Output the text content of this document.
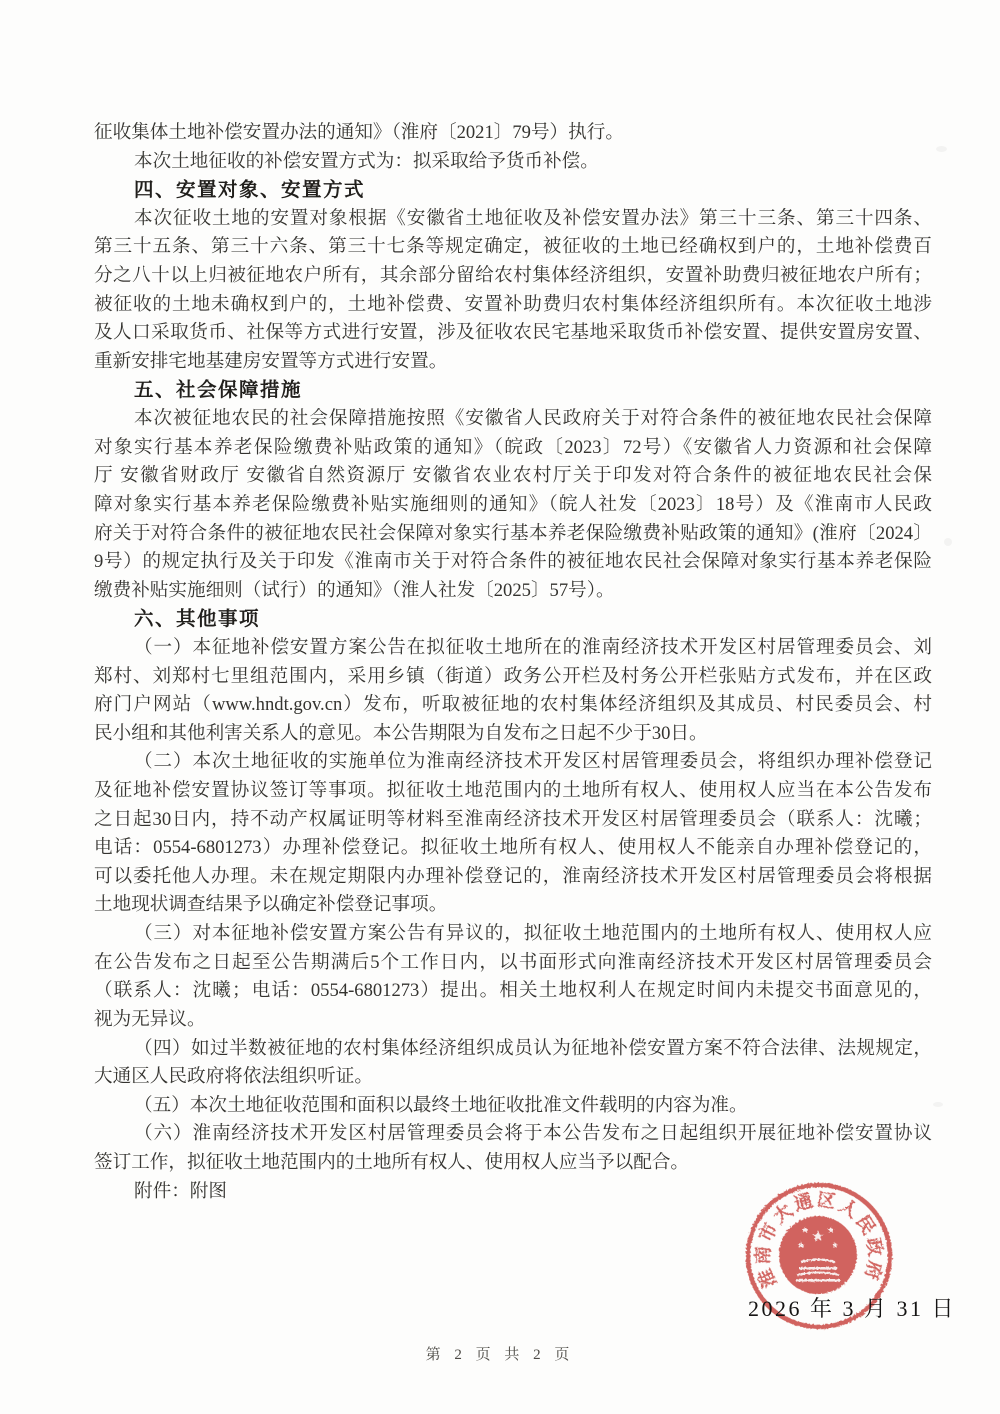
征收集体土地补偿安置办法的通知》（淮府〔2021〕79号）执行。
本次土地征收的补偿安置方式为：拟采取给予货币补偿。
四、安置对象、安置方式
本次征收土地的安置对象根据《安徽省土地征收及补偿安置办法》第三十三条、第三十四条、
第三十五条、第三十六条、第三十七条等规定确定，被征收的土地已经确权到户的，土地补偿费百
分之八十以上归被征地农户所有，其余部分留给农村集体经济组织，安置补助费归被征地农户所有；
被征收的土地未确权到户的，土地补偿费、安置补助费归农村集体经济组织所有。本次征收土地涉
及人口采取货币、社保等方式进行安置，涉及征收农民宅基地采取货币补偿安置、提供安置房安置、
重新安排宅地基建房安置等方式进行安置。
五、社会保障措施
本次被征地农民的社会保障措施按照《安徽省人民政府关于对符合条件的被征地农民社会保障
对象实行基本养老保险缴费补贴政策的通知》（皖政〔2023〕72号）《安徽省人力资源和社会保障
厅 安徽省财政厅 安徽省自然资源厅 安徽省农业农村厅关于印发对符合条件的被征地农民社会保
障对象实行基本养老保险缴费补贴实施细则的通知》（皖人社发〔2023〕18号）及《淮南市人民政
府关于对符合条件的被征地农民社会保障对象实行基本养老保险缴费补贴政策的通知》(淮府〔2024〕
9号）的规定执行及关于印发《淮南市关于对符合条件的被征地农民社会保障对象实行基本养老保险
缴费补贴实施细则（试行）的通知》（淮人社发〔2025〕57号）。
六、其他事项
（一）本征地补偿安置方案公告在拟征收土地所在的淮南经济技术开发区村居管理委员会、刘
郑村、刘郑村七里组范围内，采用乡镇（街道）政务公开栏及村务公开栏张贴方式发布，并在区政
府门户网站（www.hndt.gov.cn）发布，听取被征地的农村集体经济组织及其成员、村民委员会、村
民小组和其他利害关系人的意见。本公告期限为自发布之日起不少于30日。
（二）本次土地征收的实施单位为淮南经济技术开发区村居管理委员会，将组织办理补偿登记
及征地补偿安置协议签订等事项。拟征收土地范围内的土地所有权人、使用权人应当在本公告发布
之日起30日内，持不动产权属证明等材料至淮南经济技术开发区村居管理委员会（联系人：沈曦；
电话：0554-6801273）办理补偿登记。拟征收土地所有权人、使用权人不能亲自办理补偿登记的，
可以委托他人办理。未在规定期限内办理补偿登记的，淮南经济技术开发区村居管理委员会将根据
土地现状调查结果予以确定补偿登记事项。
（三）对本征地补偿安置方案公告有异议的，拟征收土地范围内的土地所有权人、使用权人应
在公告发布之日起至公告期满后5个工作日内，以书面形式向淮南经济技术开发区村居管理委员会
（联系人：沈曦；电话：0554-6801273）提出。相关土地权利人在规定时间内未提交书面意见的，
视为无异议。
（四）如过半数被征地的农村集体经济组织成员认为征地补偿安置方案不符合法律、法规规定，
大通区人民政府将依法组织听证。
（五）本次土地征收范围和面积以最终土地征收批准文件载明的内容为准。
（六）淮南经济技术开发区村居管理委员会将于本公告发布之日起组织开展征地补偿安置协议
签订工作，拟征收土地范围内的土地所有权人、使用权人应当予以配合。
附件：附图
淮南市大通区人民政府
★
★	★
★ ★
2026 年 3 月 31 日
第 2 页 共 2 页
